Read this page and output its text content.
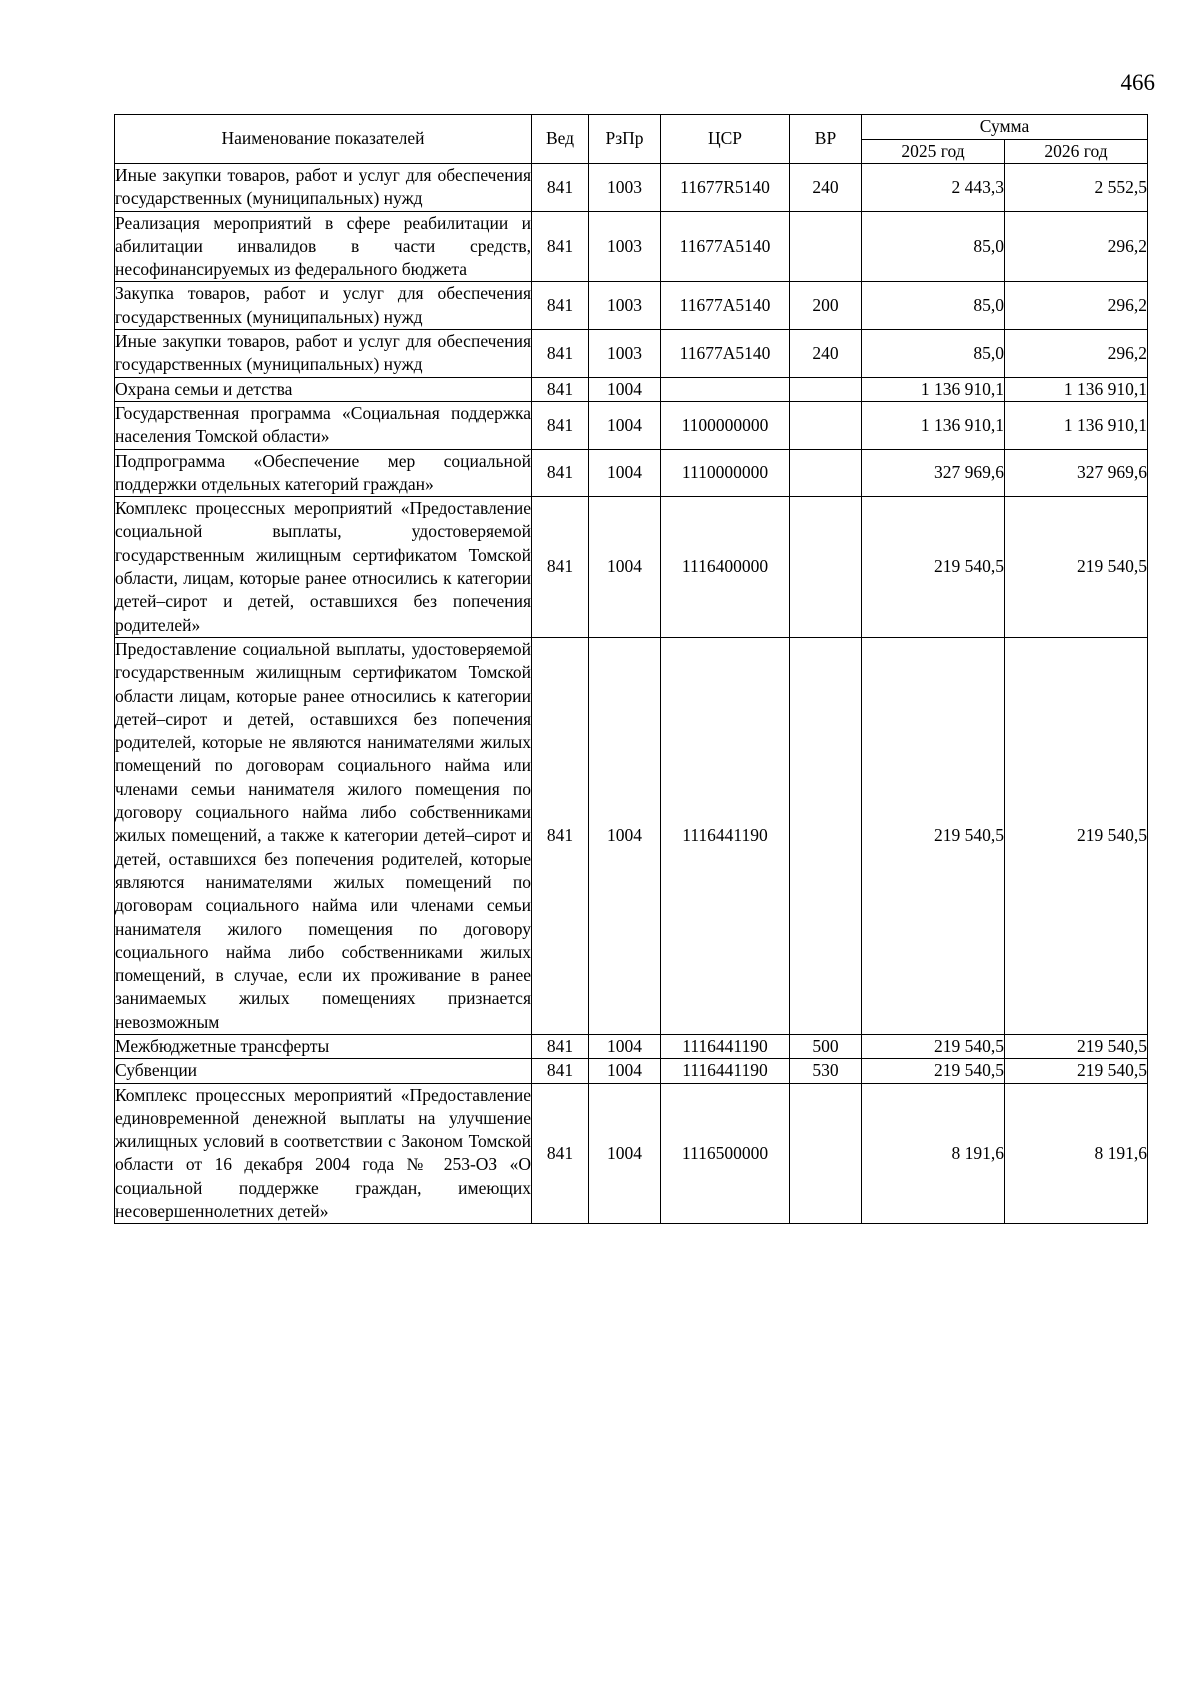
466
Наименование показателей	Вед	РзПр	ЦСР	ВР	Сумма	
					2025 год	2026 год
Иные закупки товаров, работ и услуг для обеспечения государственных (муниципальных) нужд	841	1003	11677R5140	240	2 443,3	2 552,5
Реализация мероприятий в сфере реабилитации и абилитации инвалидов в части средств, несофинансируемых из федерального бюджета	841	1003	11677A5140		85,0	296,2
Закупка товаров, работ и услуг для обеспечения государственных (муниципальных) нужд	841	1003	11677A5140	200	85,0	296,2
Иные закупки товаров, работ и услуг для обеспечения государственных (муниципальных) нужд	841	1003	11677A5140	240	85,0	296,2
Охрана семьи и детства	841	1004			1 136 910,1	1 136 910,1
Государственная программа «Социальная поддержка населения Томской области»	841	1004	1100000000		1 136 910,1	1 136 910,1
Подпрограмма «Обеспечение мер социальной поддержки отдельных категорий граждан»	841	1004	1110000000		327 969,6	327 969,6
Комплекс процессных мероприятий «Предоставление социальной выплаты, удостоверяемой государственным жилищным сертификатом Томской области, лицам, которые ранее относились к категории детей–сирот и детей, оставшихся без попечения родителей»	841	1004	1116400000		219 540,5	219 540,5
Предоставление социальной выплаты, удостоверяемой государственным жилищным сертификатом Томской области лицам, которые ранее относились к категории детей–сирот и детей, оставшихся без попечения родителей, которые не являются нанимателями жилых помещений по договорам социального найма или членами семьи нанимателя жилого помещения по договору социального найма либо собственниками жилых помещений, а также к категории детей–сирот и детей, оставшихся без попечения родителей, которые являются нанимателями жилых помещений по договорам социального найма или членами семьи нанимателя жилого помещения по договору социального найма либо собственниками жилых помещений, в случае, если их проживание в ранее занимаемых жилых помещениях признается невозможным	841	1004	1116441190		219 540,5	219 540,5
Межбюджетные трансферты	841	1004	1116441190	500	219 540,5	219 540,5
Субвенции	841	1004	1116441190	530	219 540,5	219 540,5
Комплекс процессных мероприятий «Предоставление единовременной денежной выплаты на улучшение жилищных условий в соответствии с Законом Томской области от 16 декабря 2004 года № 253-ОЗ «О социальной поддержке граждан, имеющих несовершеннолетних детей»	841	1004	1116500000		8 191,6	8 191,6
